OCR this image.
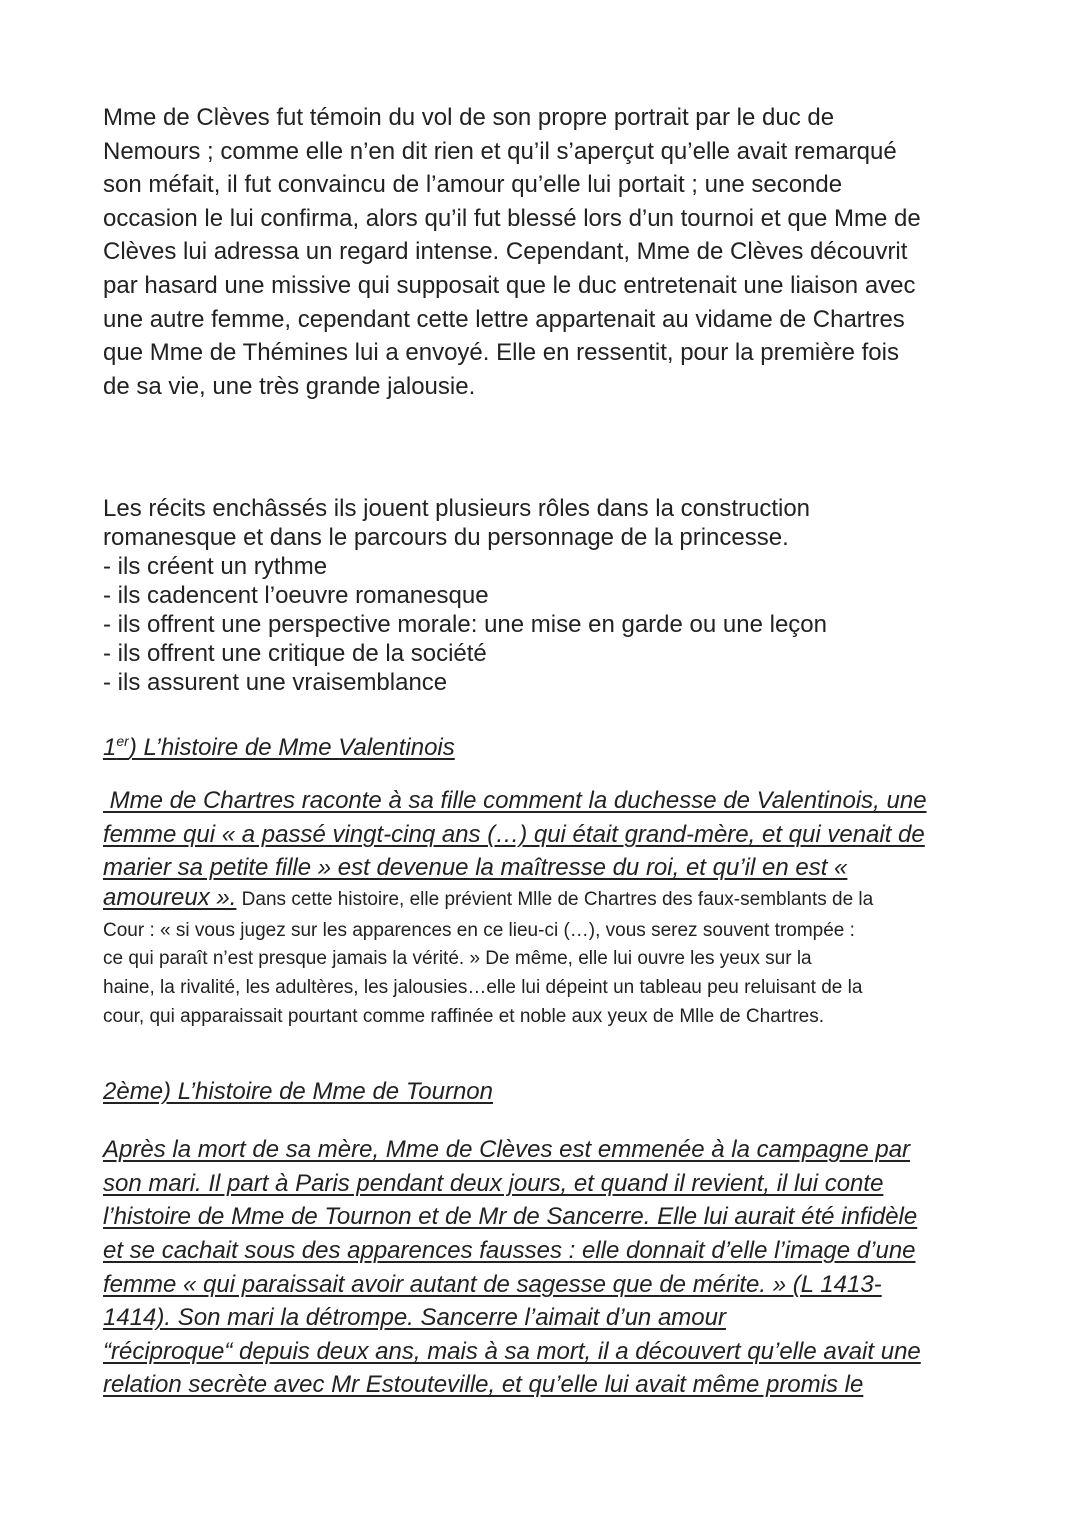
Mme de Clèves fut témoin du vol de son propre portrait par le duc de
Nemours ; comme elle n’en dit rien et qu’il s’aperçut qu’elle avait remarqué
son méfait, il fut convaincu de l’amour qu’elle lui portait ; une seconde
occasion le lui confirma, alors qu’il fut blessé lors d’un tournoi et que Mme de
Clèves lui adressa un regard intense. Cependant, Mme de Clèves découvrit
par hasard une missive qui supposait que le duc entretenait une liaison avec
une autre femme, cependant cette lettre appartenait au vidame de Chartres
que Mme de Thémines lui a envoyé. Elle en ressentit, pour la première fois
de sa vie, une très grande jalousie.
Les récits enchâssés ils jouent plusieurs rôles dans la construction
romanesque et dans le parcours du personnage de la princesse.
- ils créent un rythme
- ils cadencent l’oeuvre romanesque
- ils offrent une perspective morale: une mise en garde ou une leçon
- ils offrent une critique de la société
- ils assurent une vraisemblance
1er) L’histoire de Mme Valentinois
Mme de Chartres raconte à sa fille comment la duchesse de Valentinois, une
femme qui « a passé vingt-cinq ans (…) qui était grand-mère, et qui venait de
marier sa petite fille » est devenue la maîtresse du roi, et qu’il en est «
amoureux ». Dans cette histoire, elle prévient Mlle de Chartres des faux-semblants de la
Cour : « si vous jugez sur les apparences en ce lieu-ci (…), vous serez souvent trompée :
ce qui paraît n’est presque jamais la vérité. » De même, elle lui ouvre les yeux sur la
haine, la rivalité, les adultères, les jalousies…elle lui dépeint un tableau peu reluisant de la
cour, qui apparaissait pourtant comme raffinée et noble aux yeux de Mlle de Chartres.
2ème) L’histoire de Mme de Tournon
Après la mort de sa mère, Mme de Clèves est emmenée à la campagne par
son mari. Il part à Paris pendant deux jours, et quand il revient, il lui conte
l’histoire de Mme de Tournon et de Mr de Sancerre. Elle lui aurait été infidèle
et se cachait sous des apparences fausses : elle donnait d’elle l’image d’une
femme « qui paraissait avoir autant de sagesse que de mérite. » (L 1413-
1414). Son mari la détrompe. Sancerre l’aimait d’un amour
“réciproque“ depuis deux ans, mais à sa mort, il a découvert qu’elle avait une
relation secrète avec Mr Estouteville, et qu’elle lui avait même promis le
